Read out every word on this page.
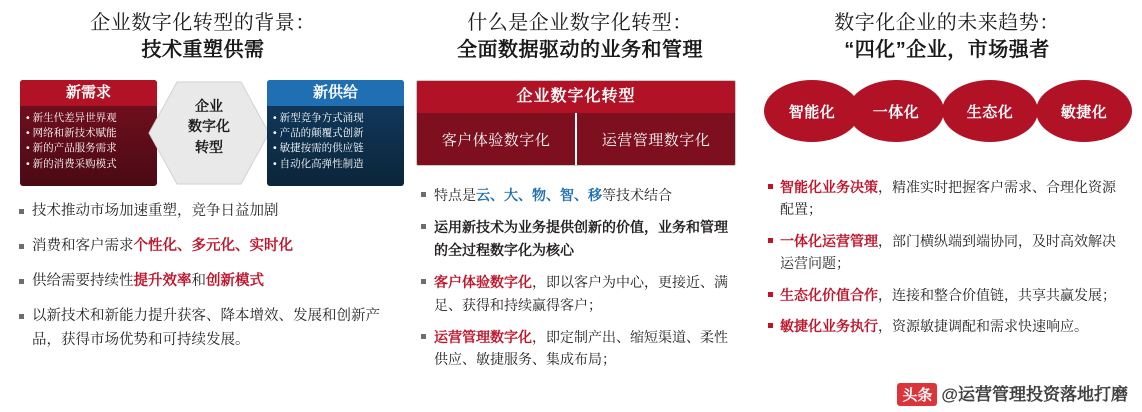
企业数字化转型的背景：
技术重塑供需
新需求
• 新生代差异世界观
• 网络和新技术赋能
• 新的产品服务需求
• 新的消费采购模式
企业
数字化
转型
新供给
• 新型竞争方式涌现
• 产品的颠覆式创新
• 敏捷按需的供应链
• 自动化高弹性制造
技术推动市场加速重塑，竞争日益加剧
消费和客户需求个性化、多元化、实时化
供给需要持续性提升效率和创新模式
以新技术和新能力提升获客、降本增效、发展和创新产品，获得市场优势和可持续发展。
什么是企业数字化转型：
全面数据驱动的业务和管理
企业数字化转型
客户体验数字化	运营管理数字化
特点是云、大、物、智、移等技术结合
运用新技术为业务提供创新的价值，业务和管理的全过程数字化为核心
客户体验数字化，即以客户为中心，更接近、满足、获得和持续赢得客户；
运营管理数字化，即定制产出、缩短渠道、柔性供应、敏捷服务、集成布局；
数字化企业的未来趋势：
“四化”企业，市场强者
智能化	一体化	生态化	敏捷化
智能化业务决策，精准实时把握客户需求、合理化资源配置；
一体化运营管理，部门横纵端到端协同，及时高效解决运营问题；
生态化价值合作，连接和整合价值链，共享共赢发展；
敏捷化业务执行，资源敏捷调配和需求快速响应。
头条 @运营管理投资落地打磨
